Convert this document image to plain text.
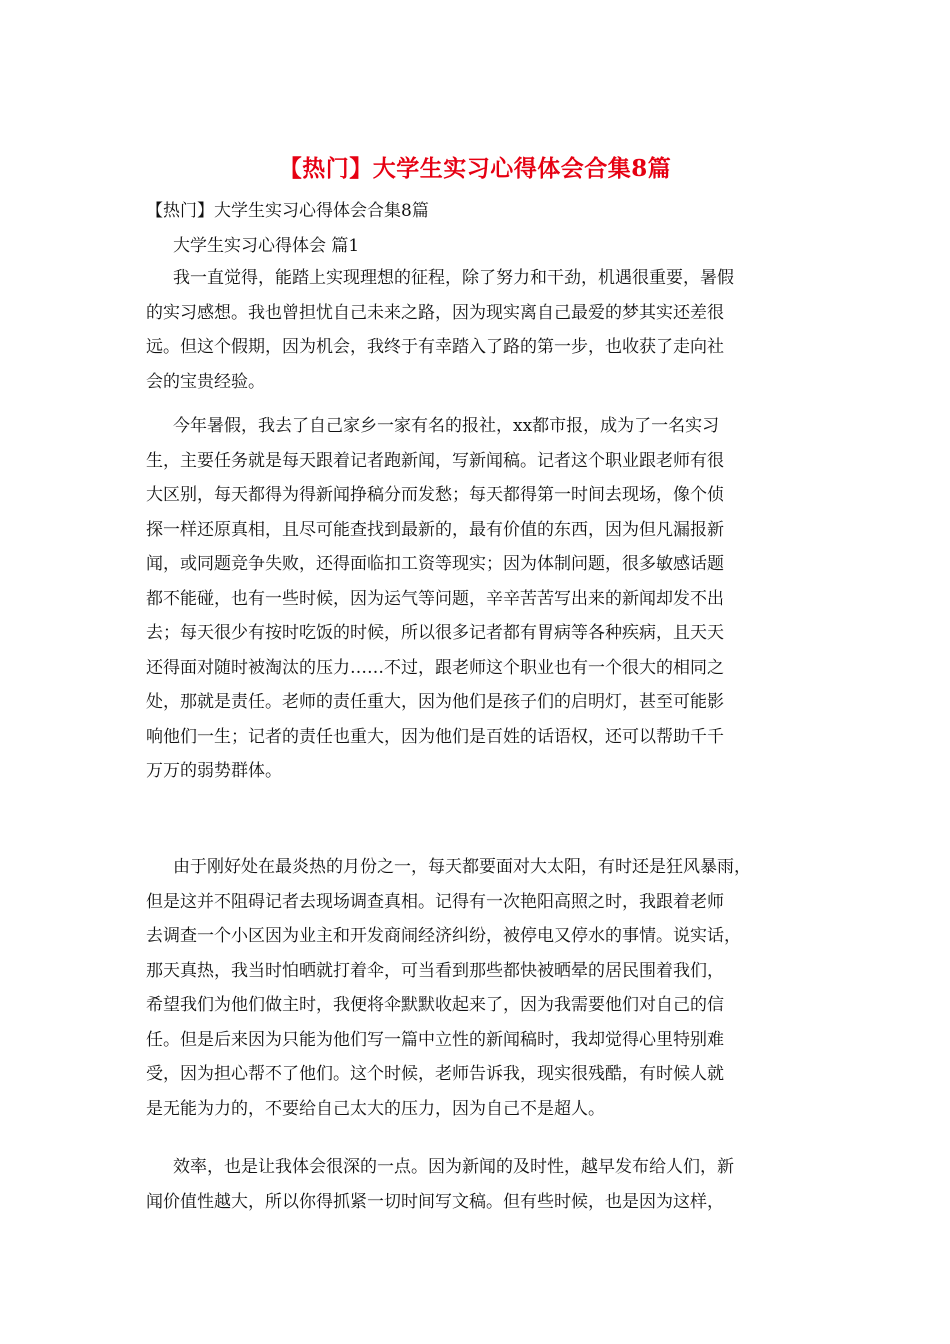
【热门】大学生实习心得体会合集8篇

【热门】大学生实习心得体会合集8篇

大学生实习心得体会 篇1

我一直觉得，能踏上实现理想的征程，除了努力和干劲，机遇很重要，暑假
的实习感想。我也曾担忧自己未来之路，因为现实离自己最爱的梦其实还差很
远。但这个假期，因为机会，我终于有幸踏入了路的第一步，也收获了走向社
会的宝贵经验。
今年暑假，我去了自己家乡一家有名的报社，xx都市报，成为了一名实习
生，主要任务就是每天跟着记者跑新闻，写新闻稿。记者这个职业跟老师有很
大区别，每天都得为得新闻挣稿分而发愁；每天都得第一时间去现场，像个侦
探一样还原真相，且尽可能查找到最新的，最有价值的东西，因为但凡漏报新
闻，或同题竞争失败，还得面临扣工资等现实；因为体制问题，很多敏感话题
都不能碰，也有一些时候，因为运气等问题，辛辛苦苦写出来的新闻却发不出
去；每天很少有按时吃饭的时候，所以很多记者都有胃病等各种疾病，且天天
还得面对随时被淘汰的压力……不过，跟老师这个职业也有一个很大的相同之
处，那就是责任。老师的责任重大，因为他们是孩子们的启明灯，甚至可能影
响他们一生；记者的责任也重大，因为他们是百姓的话语权，还可以帮助千千
万万的弱势群体。
由于刚好处在最炎热的月份之一，每天都要面对大太阳，有时还是狂风暴雨，
但是这并不阻碍记者去现场调查真相。记得有一次艳阳高照之时，我跟着老师
去调查一个小区因为业主和开发商闹经济纠纷，被停电又停水的事情。说实话，
那天真热，我当时怕晒就打着伞，可当看到那些都快被晒晕的居民围着我们，
希望我们为他们做主时，我便将伞默默收起来了，因为我需要他们对自己的信
任。但是后来因为只能为他们写一篇中立性的新闻稿时，我却觉得心里特别难
受，因为担心帮不了他们。这个时候，老师告诉我，现实很残酷，有时候人就
是无能为力的，不要给自己太大的压力，因为自己不是超人。
效率，也是让我体会很深的一点。因为新闻的及时性，越早发布给人们，新
闻价值性越大，所以你得抓紧一切时间写文稿。但有些时候，也是因为这样，
